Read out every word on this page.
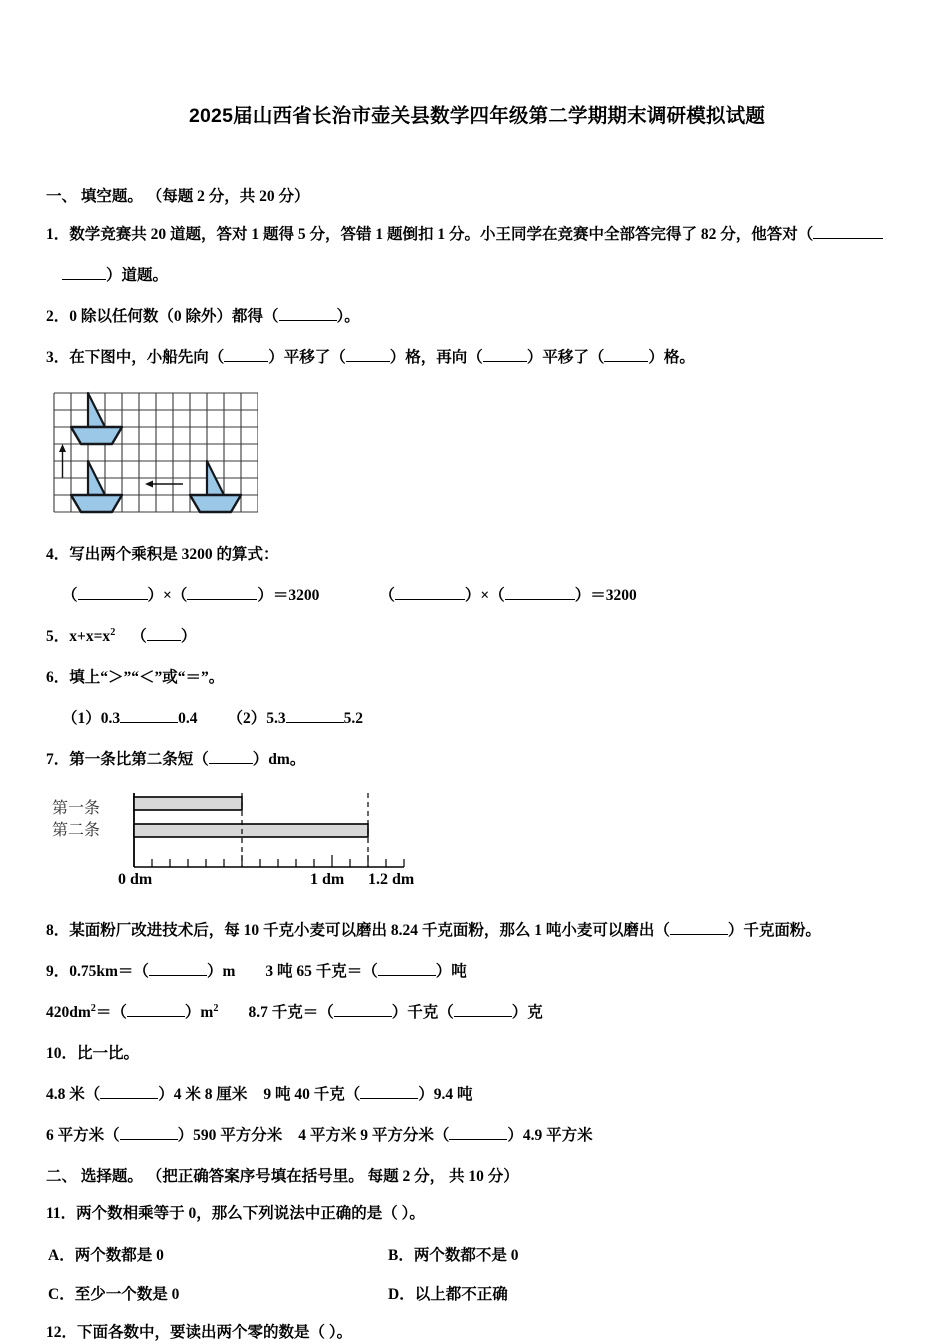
2025届山西省长治市壶关县数学四年级第二学期期末调研模拟试题
一、 填空题。 （每题 2 分，共 20 分）
1．数学竞赛共 20 道题，答对 1 题得 5 分，答错 1 题倒扣 1 分。小王同学在竞赛中全部答完得了 82 分，他答对（
）道题。
2．0 除以任何数（0 除外）都得（	）。
3．在下图中，小船先向（	）平移了（	）格，再向（	）平移了（	）格。
4．写出两个乘积是 3200 的算式：
（	）×（	）＝3200	（	）×（	）＝3200
5．$x+x=x^2$ （ ）
6．填上“＞”“＜”或“＝”。
（1）0.3	0.4 （2）5.3	5.2
7．第一条比第二条短（	）dm。
第一条
第二条
0 dm	1 dm 1.2 dm
8．某面粉厂改进技术后，每 10 千克小麦可以磨出 8.24 千克面粉，那么 1 吨小麦可以磨出（	）千克面粉。
9．0.75km＝（	）m 3 吨 65 千克＝（	）吨
$420dm^2=$（	）$m^2$ 8.7 千克＝（	）千克（	）克
10．比一比。
4.8 米（	）4 米 8 厘米 9 吨 40 千克（	）9.4 吨
6 平方米（	）590 平方分米 4 平方米 9 平方分米（	）4.9 平方米
二、 选择题。 （把正确答案序号填在括号里。 每题 2 分， 共 10 分）
11．两个数相乘等于 0，那么下列说法中正确的是（ ）。
A．两个数都是 0	B．两个数都不是 0
C．至少一个数是 0	D．以上都不正确
12．下面各数中，要读出两个零的数是（ ）。
